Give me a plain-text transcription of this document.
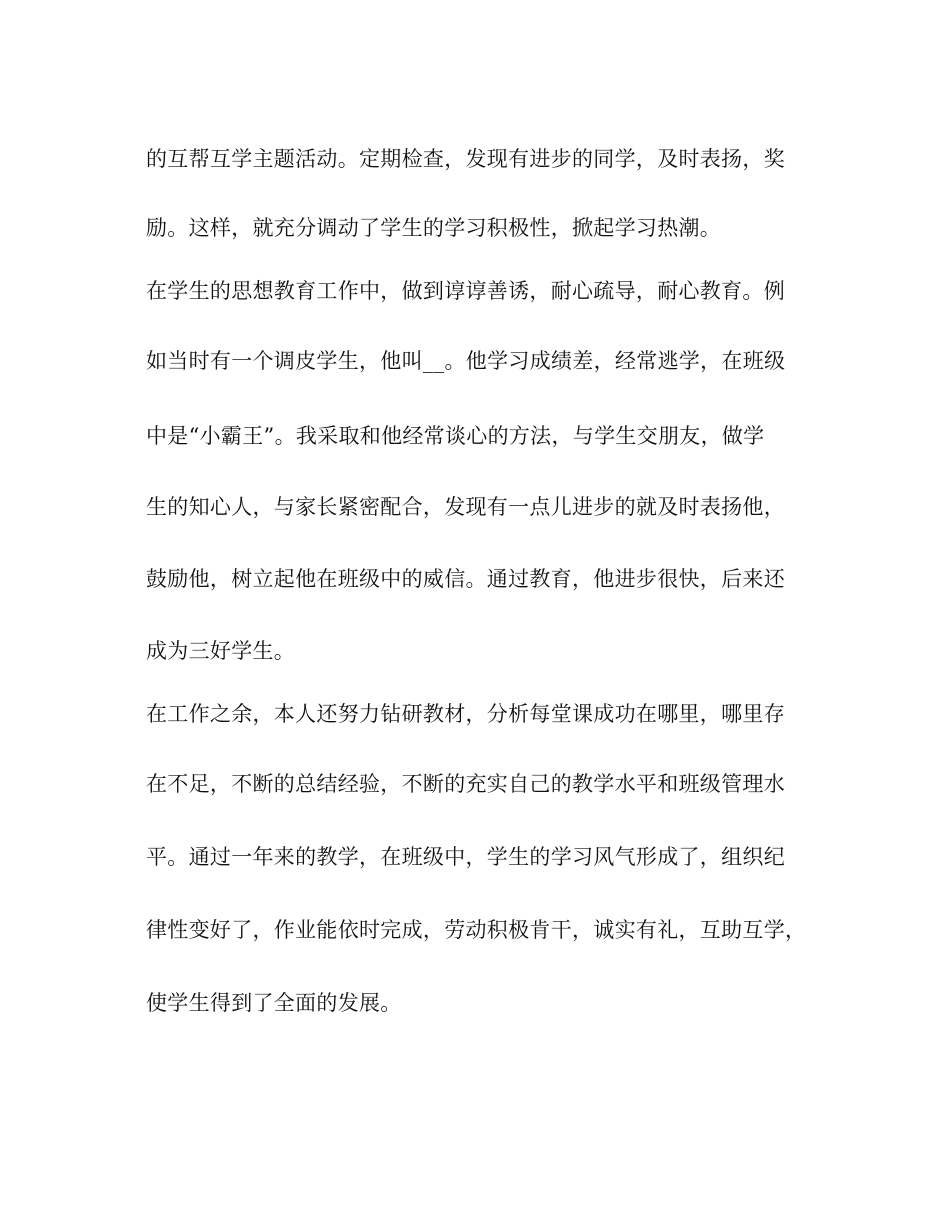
的互帮互学主题活动。定期检查，发现有进步的同学，及时表扬，奖
励。这样，就充分调动了学生的学习积极性，掀起学习热潮。
在学生的思想教育工作中，做到谆谆善诱，耐心疏导，耐心教育。例
如当时有一个调皮学生，他叫__。他学习成绩差，经常逃学，在班级
中是“小霸王”。我采取和他经常谈心的方法，与学生交朋友，做学
生的知心人，与家长紧密配合，发现有一点儿进步的就及时表扬他，
鼓励他，树立起他在班级中的威信。通过教育，他进步很快，后来还
成为三好学生。
在工作之余，本人还努力钻研教材，分析每堂课成功在哪里，哪里存
在不足，不断的总结经验，不断的充实自己的教学水平和班级管理水
平。通过一年来的教学，在班级中，学生的学习风气形成了，组织纪
律性变好了，作业能依时完成，劳动积极肯干，诚实有礼，互助互学，
使学生得到了全面的发展。
